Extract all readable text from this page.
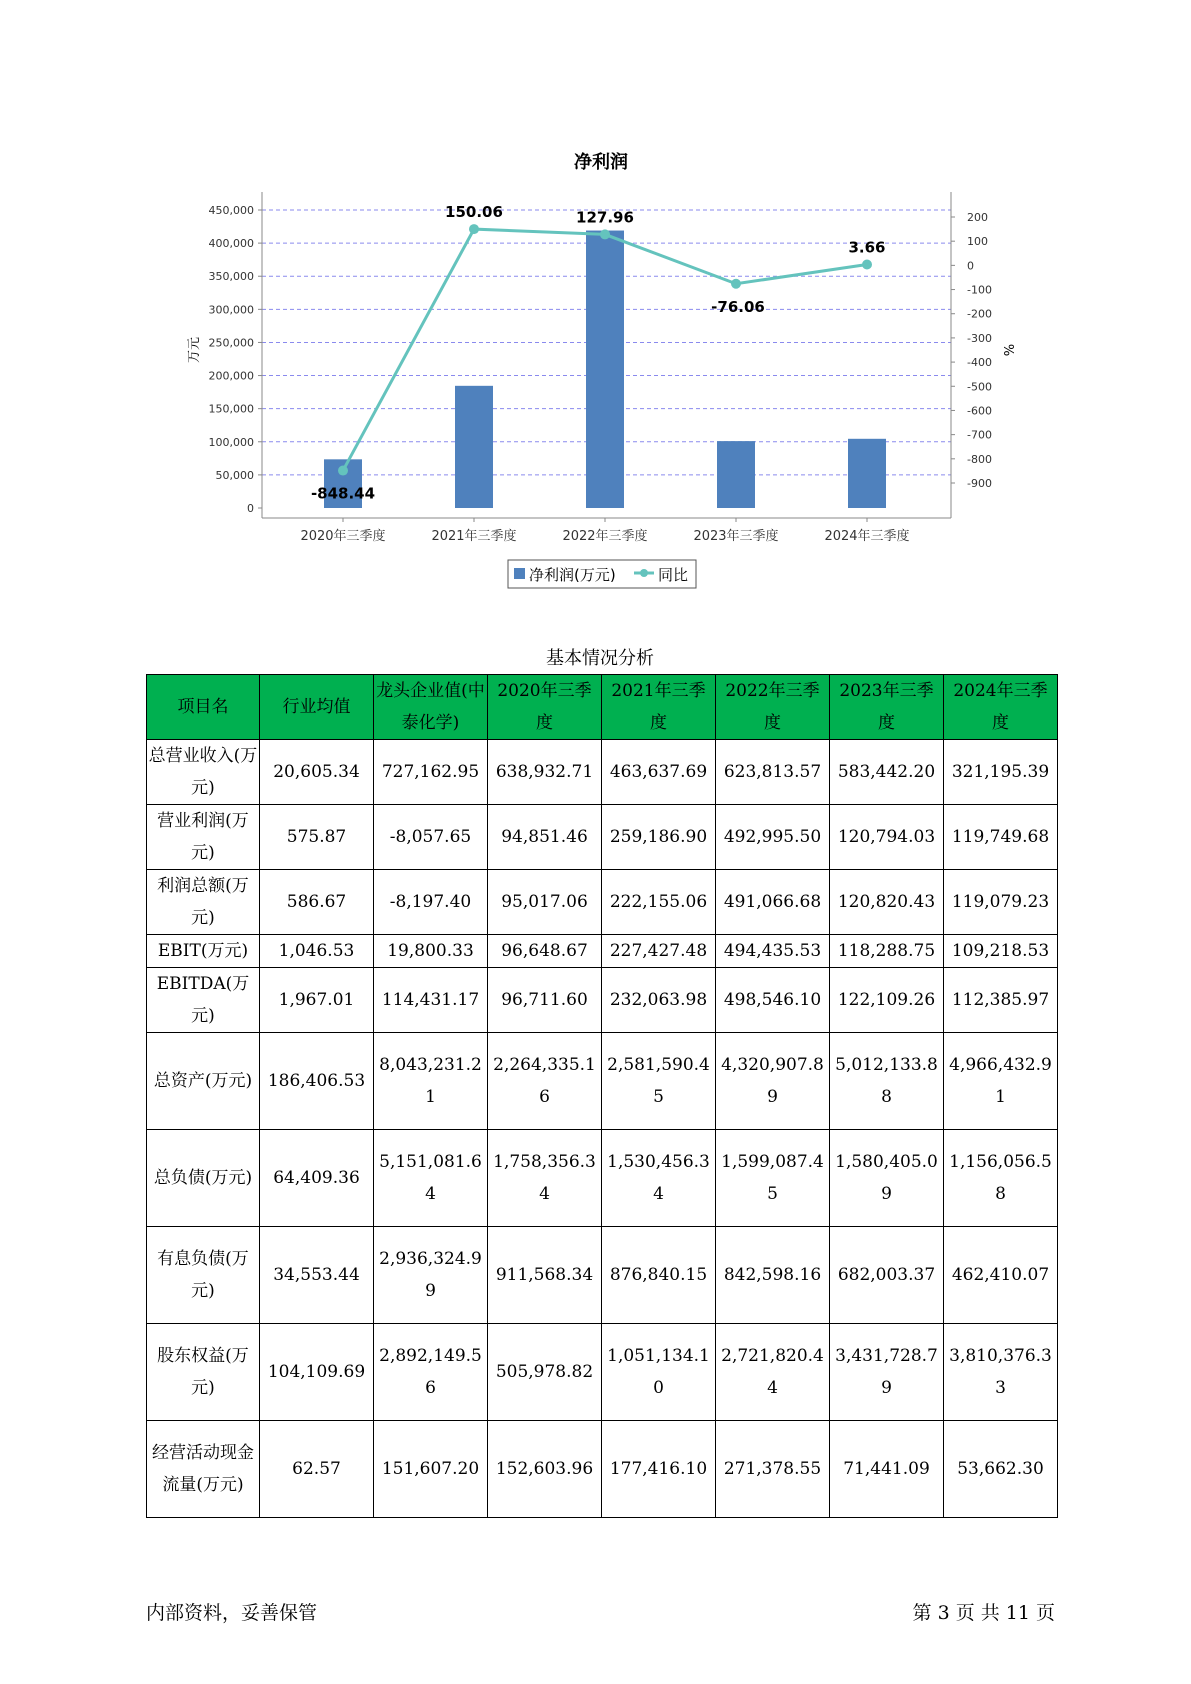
0
50,000
100,000
150,000
200,000
250,000
300,000
350,000
400,000
450,000
200
100
0
-100
-200
-300
-400
-500
-600
-700
-800
-900
万元	%
净利润
2020年三季度	2021年三季度	2022年三季度	2023年三季度	2024年三季度
-848.44
150.06	127.96
-76.06
3.66
净利润(万元)	同比
基本情况分析
项目名	行业均值	龙头企业值(中泰化学)	2020年三季度	2021年三季度	2022年三季度	2023年三季度	2024年三季度
总营业收入(万元)	20,605.34	727,162.95	638,932.71	463,637.69	623,813.57	583,442.20	321,195.39
营业利润(万元)	575.87	-8,057.65	94,851.46	259,186.90	492,995.50	120,794.03	119,749.68
利润总额(万元)	586.67	-8,197.40	95,017.06	222,155.06	491,066.68	120,820.43	119,079.23
EBIT(万元)	1,046.53	19,800.33	96,648.67	227,427.48	494,435.53	118,288.75	109,218.53
EBITDA(万元)	1,967.01	114,431.17	96,711.60	232,063.98	498,546.10	122,109.26	112,385.97
总资产(万元)	186,406.53	8,043,231.21	2,264,335.16	2,581,590.45	4,320,907.89	5,012,133.88	4,966,432.91
总负债(万元)	64,409.36	5,151,081.64	1,758,356.34	1,530,456.34	1,599,087.45	1,580,405.09	1,156,056.58
有息负债(万元)	34,553.44	2,936,324.99	911,568.34	876,840.15	842,598.16	682,003.37	462,410.07
股东权益(万元)	104,109.69	2,892,149.56	505,978.82	1,051,134.10	2,721,820.44	3,431,728.79	3,810,376.33
经营活动现金流量(万元)	62.57	151,607.20	152,603.96	177,416.10	271,378.55	71,441.09	53,662.30
内部资料，妥善保管	第 3 页 共 11 页
